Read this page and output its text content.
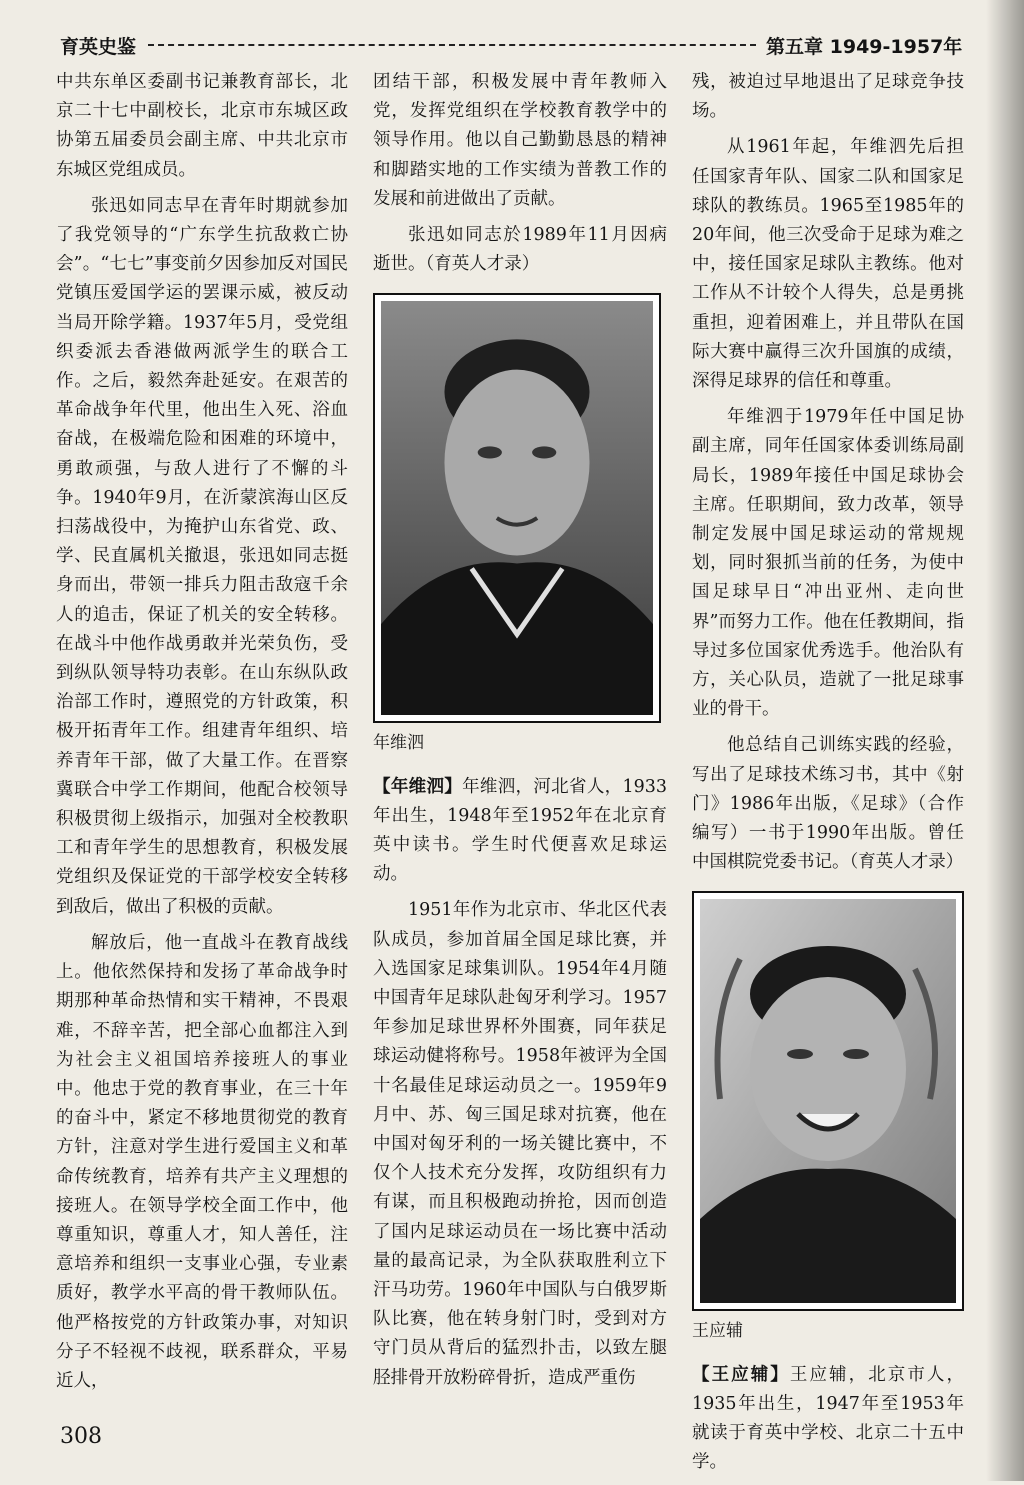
育英史鉴	第五章 1949-1957年

中共东单区委副书记兼教育部长，北京二十七中副校长，北京市东城区政协第五届委员会副主席、中共北京市东城区党组成员。

张迅如同志早在青年时期就参加了我党领导的“广东学生抗敌救亡协会”。“七七”事变前夕因参加反对国民党镇压爱国学运的罢课示威，被反动当局开除学籍。1937年5月，受党组织委派去香港做两派学生的联合工作。之后，毅然奔赴延安。在艰苦的革命战争年代里，他出生入死、浴血奋战，在极端危险和困难的环境中，勇敢顽强，与敌人进行了不懈的斗争。1940年9月，在沂蒙滨海山区反扫荡战役中，为掩护山东省党、政、学、民直属机关撤退，张迅如同志挺身而出，带领一排兵力阻击敌寇千余人的追击，保证了机关的安全转移。在战斗中他作战勇敢并光荣负伤，受到纵队领导特功表彰。在山东纵队政治部工作时，遵照党的方针政策，积极开拓青年工作。组建青年组织、培养青年干部，做了大量工作。在晋察冀联合中学工作期间，他配合校领导积极贯彻上级指示，加强对全校教职工和青年学生的思想教育，积极发展党组织及保证党的干部学校安全转移到敌后，做出了积极的贡献。

解放后，他一直战斗在教育战线上。他依然保持和发扬了革命战争时期那种革命热情和实干精神，不畏艰难，不辞辛苦，把全部心血都注入到为社会主义祖国培养接班人的事业中。他忠于党的教育事业，在三十年的奋斗中，紧定不移地贯彻党的教育方针，注意对学生进行爱国主义和革命传统教育，培养有共产主义理想的接班人。在领导学校全面工作中，他尊重知识，尊重人才，知人善任，注意培养和组织一支事业心强，专业素质好，教学水平高的骨干教师队伍。他严格按党的方针政策办事，对知识分子不轻视不歧视，联系群众，平易近人，

团结干部，积极发展中青年教师入党，发挥党组织在学校教育教学中的领导作用。他以自己勤勤恳恳的精神和脚踏实地的工作实绩为普教工作的发展和前进做出了贡献。

张迅如同志於1989年11月因病逝世。（育英人才录）

年维泗

【年维泗】年维泗，河北省人，1933年出生，1948年至1952年在北京育英中读书。学生时代便喜欢足球运动。

1951年作为北京市、华北区代表队成员，参加首届全国足球比赛，并入选国家足球集训队。1954年4月随中国青年足球队赴匈牙利学习。1957年参加足球世界杯外围赛，同年获足球运动健将称号。1958年被评为全国十名最佳足球运动员之一。1959年9月中、苏、匈三国足球对抗赛，他在中国对匈牙利的一场关键比赛中，不仅个人技术充分发挥，攻防组织有力有谋，而且积极跑动拚抢，因而创造了国内足球运动员在一场比赛中活动量的最高记录，为全队获取胜利立下汗马功劳。1960年中国队与白俄罗斯队比赛，他在转身射门时，受到对方守门员从背后的猛烈扑击，以致左腿胫排骨开放粉碎骨折，造成严重伤

残，被迫过早地退出了足球竞争技场。

从1961年起，年维泗先后担任国家青年队、国家二队和国家足球队的教练员。1965至1985年的20年间，他三次受命于足球为难之中，接任国家足球队主教练。他对工作从不计较个人得失，总是勇挑重担，迎着困难上，并且带队在国际大赛中赢得三次升国旗的成绩，深得足球界的信任和尊重。

年维泗于1979年任中国足协副主席，同年任国家体委训练局副局长，1989年接任中国足球协会主席。任职期间，致力改革，领导制定发展中国足球运动的常规规划，同时狠抓当前的任务，为使中国足球早日“冲出亚州、走向世界”而努力工作。他在任教期间，指导过多位国家优秀选手。他治队有方，关心队员，造就了一批足球事业的骨干。

他总结自己训练实践的经验，写出了足球技术练习书，其中《射门》1986年出版，《足球》（合作编写）一书于1990年出版。曾任中国棋院党委书记。（育英人才录）

王应辅

【王应辅】王应辅，北京市人，1935年出生，1947年至1953年就读于育英中学校、北京二十五中学。

308
